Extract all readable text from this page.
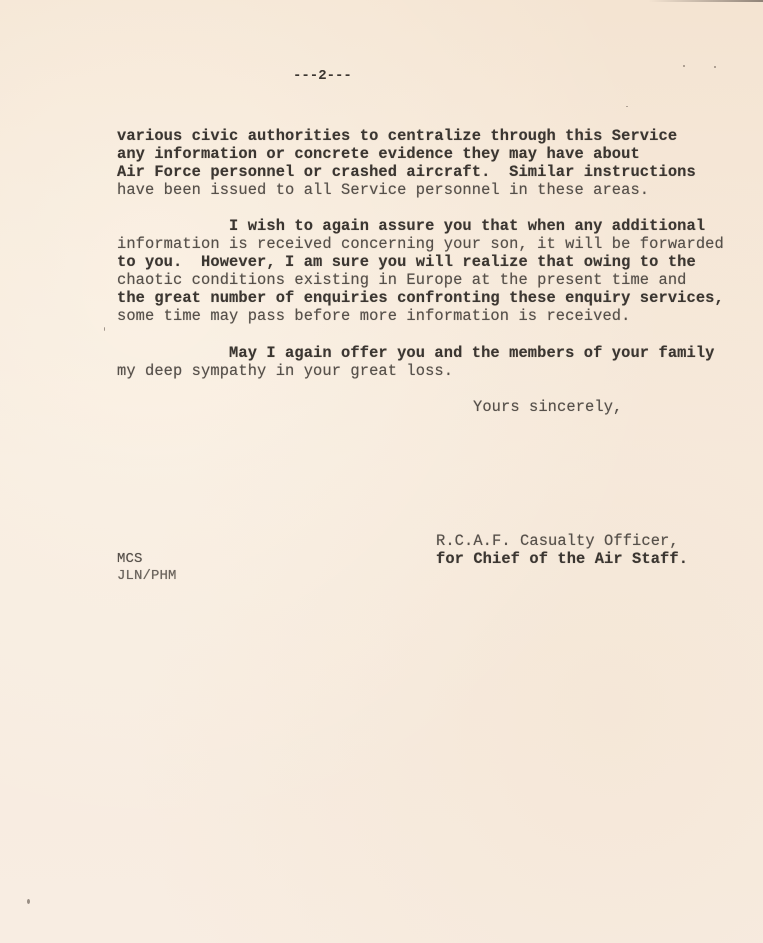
---2---
various civic authorities to centralize through this Service
any information or concrete evidence they may have about
Air Force personnel or crashed aircraft.  Similar instructions
have been issued to all Service personnel in these areas.
I wish to again assure you that when any additional
information is received concerning your son, it will be forwarded
to you.  However, I am sure you will realize that owing to the
chaotic conditions existing in Europe at the present time and
the great number of enquiries confronting these enquiry services,
some time may pass before more information is received.
May I again offer you and the members of your family
my deep sympathy in your great loss.
Yours sincerely,
R.C.A.F. Casualty Officer,
for Chief of the Air Staff.
MCS
JLN/PHM
